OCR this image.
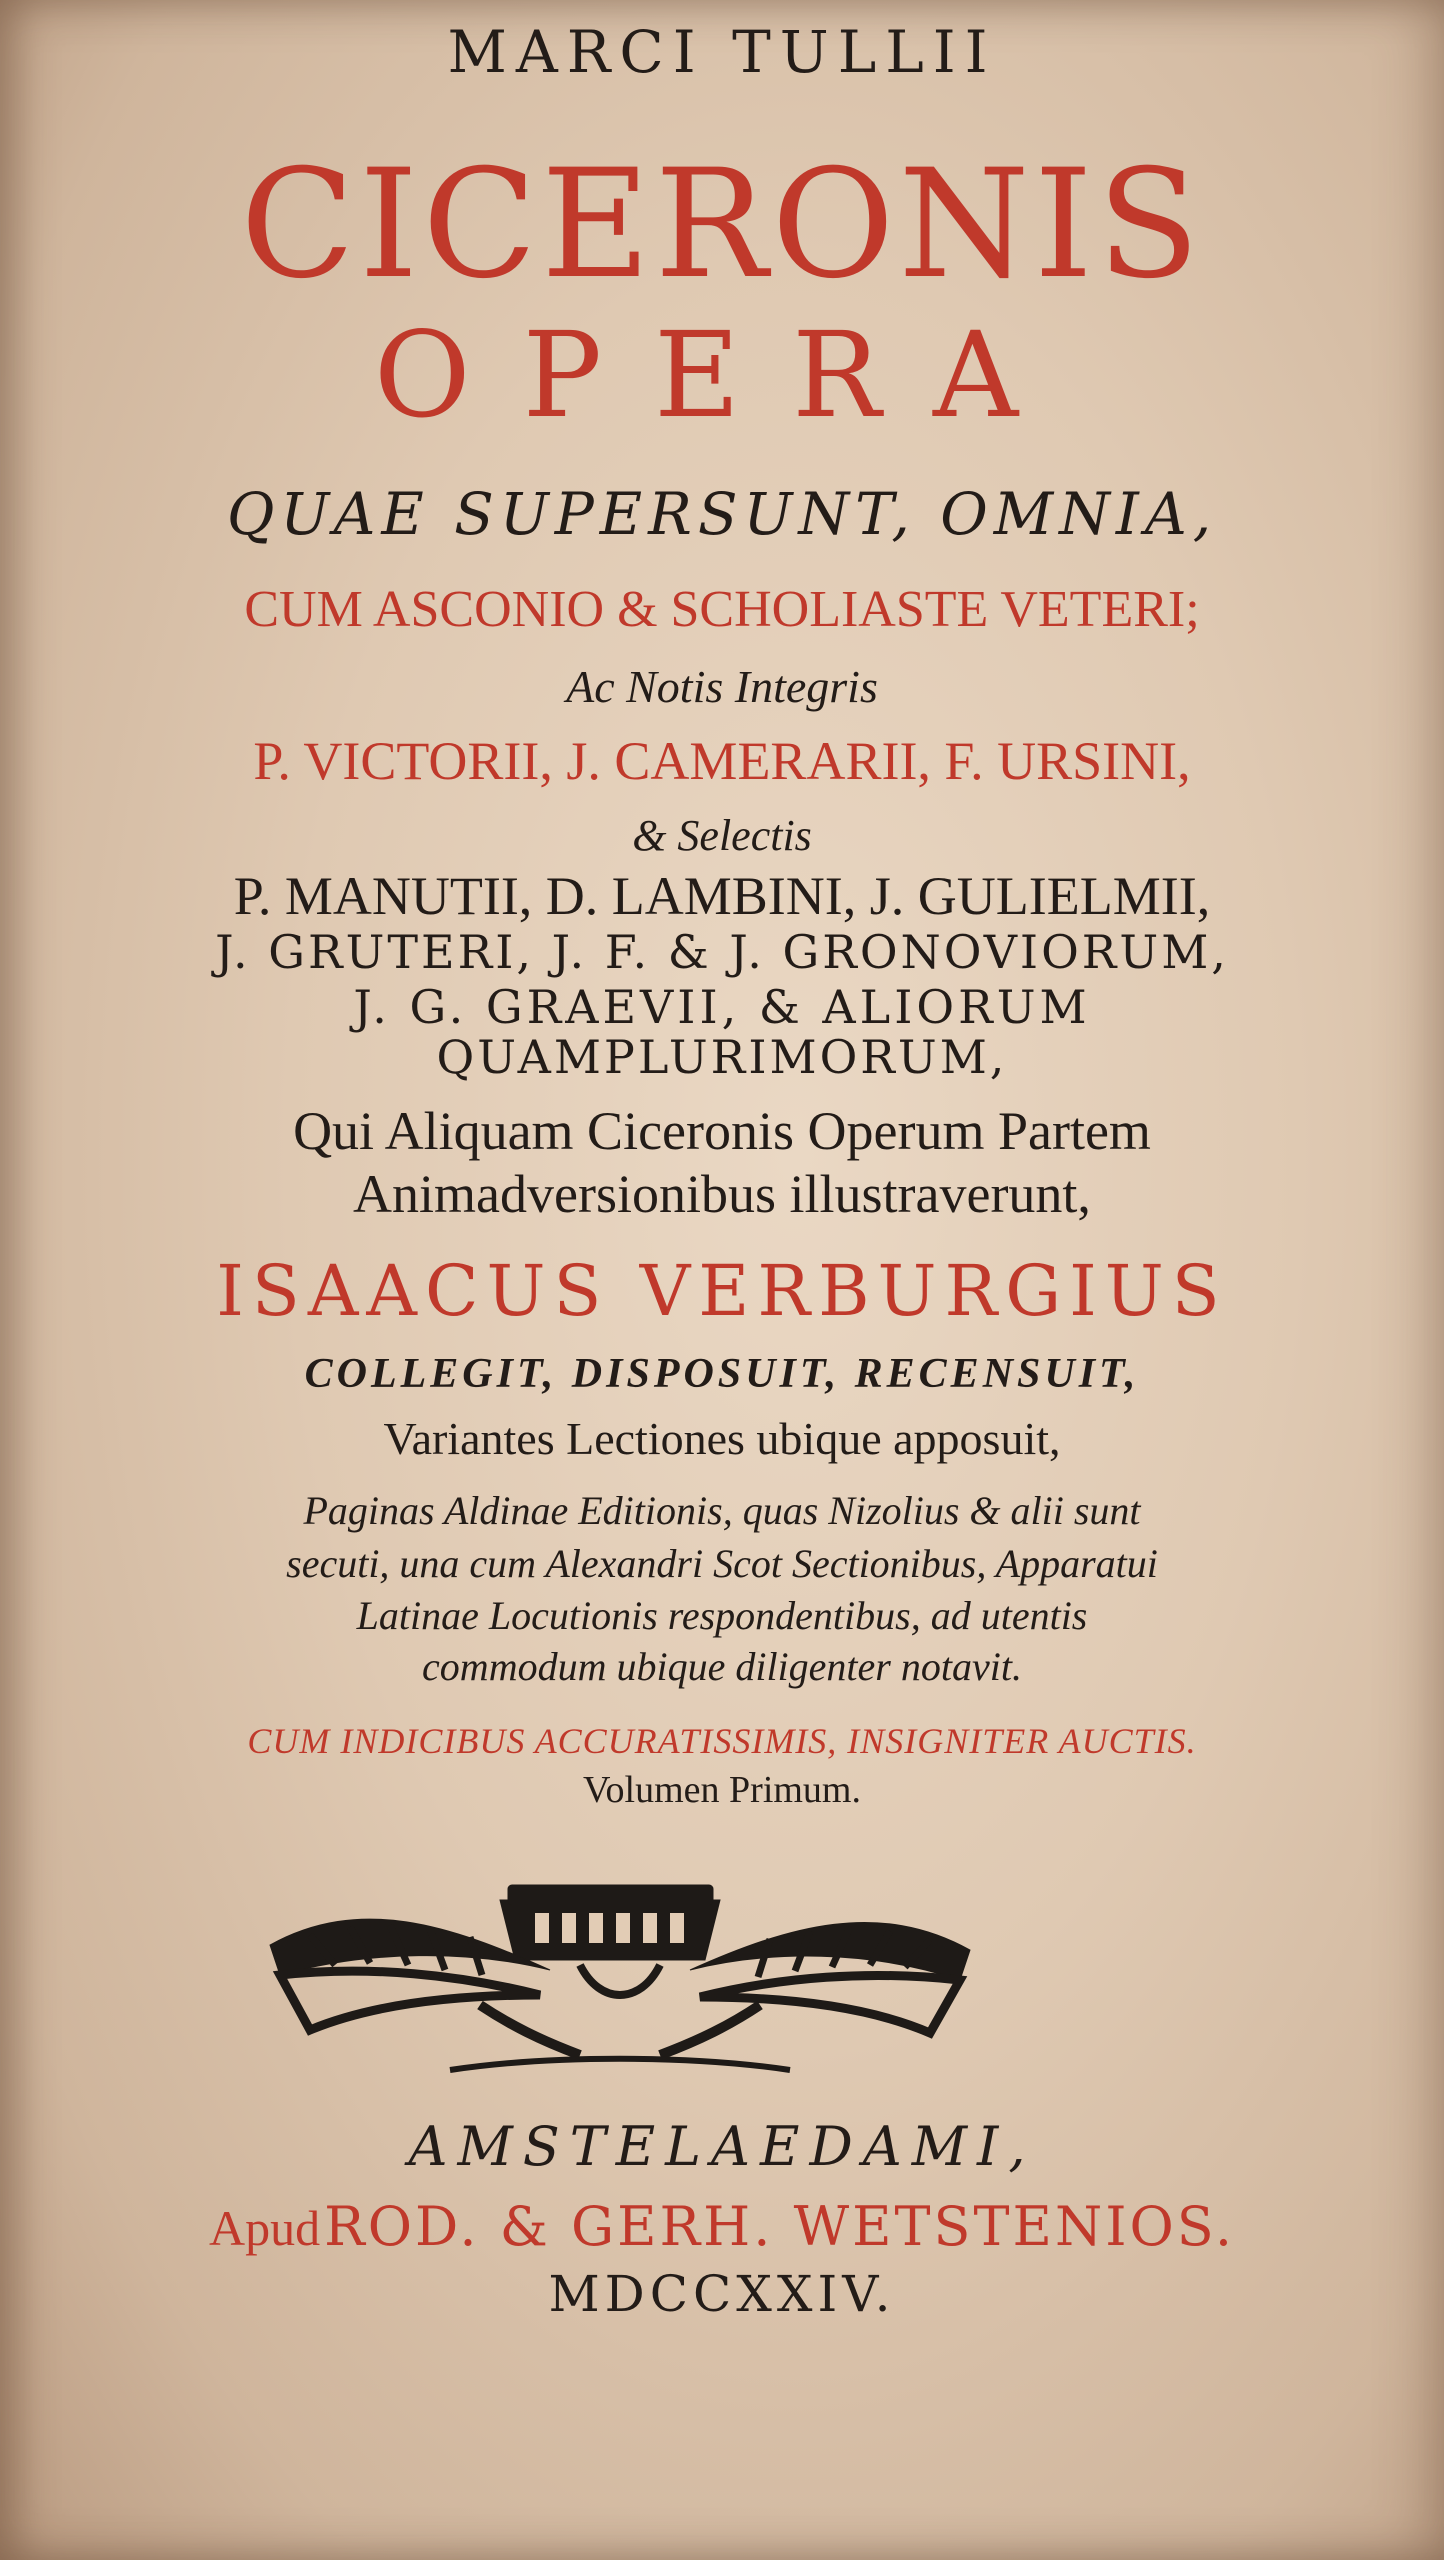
MARCI TULLII

CICERONIS

OPERA

QUAE SUPERSUNT, OMNIA,

CUM ASCONIO & SCHOLIASTE VETERI;

Ac Notis Integris

P. VICTORII, J. CAMERARII, F. URSINI,

& Selectis

P. MANUTII, D. LAMBINI, J. GULIELMII,

J. GRUTERI, J. F. & J. GRONOVIORUM,

J. G. GRAEVII, & ALIORUM

QUAMPLURIMORUM,

Qui Aliquam Ciceronis Operum Partem

Animadversionibus illustraverunt,

ISAACUS VERBURGIUS

COLLEGIT, DISPOSUIT, RECENSUIT,

Variantes Lectiones ubique apposuit,

Paginas Aldinae Editionis, quas Nizolius & alii sunt

secuti, una cum Alexandri Scot Sectionibus, Apparatui

Latinae Locutionis respondentibus, ad utentis

commodum ubique diligenter notavit.

CUM INDICIBUS ACCURATISSIMIS, INSIGNITER AUCTIS.

Volumen Primum.

AMSTELAEDAMI,

Apud ROD. & GERH. WETSTENIOS.

MDCCXXIV.
